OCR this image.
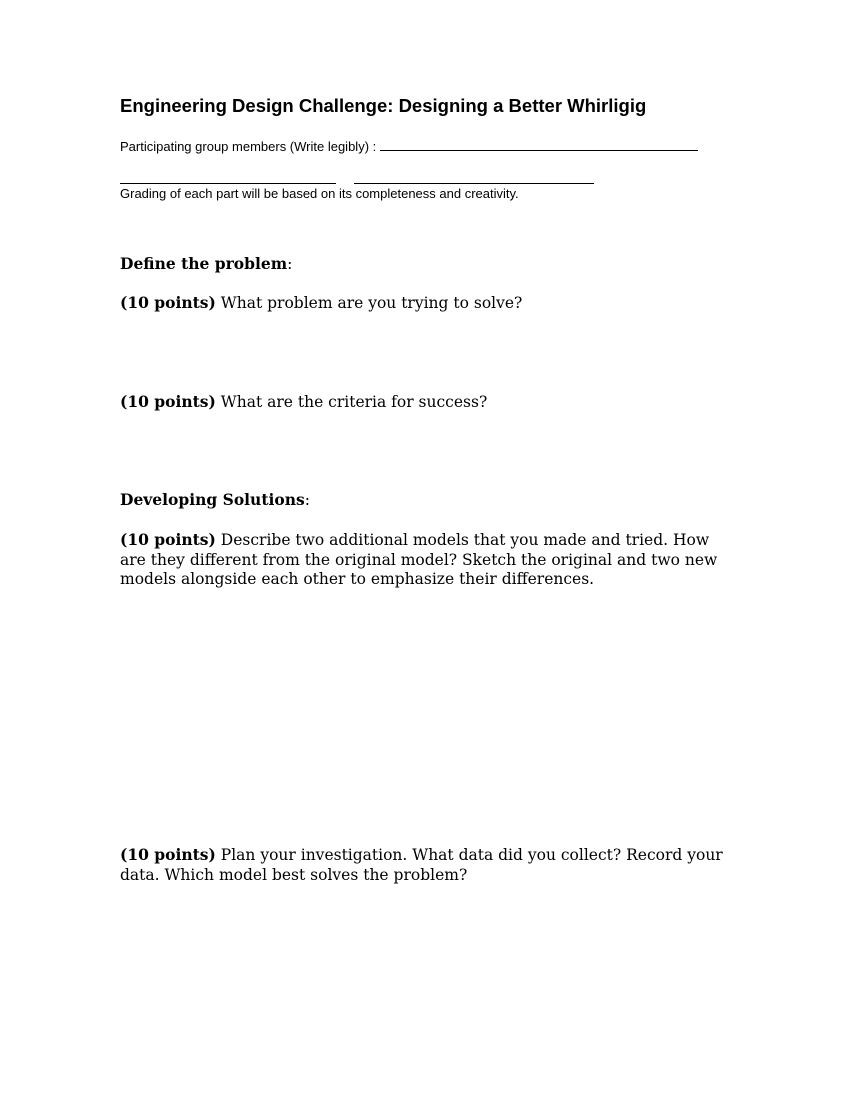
Engineering Design Challenge: Designing a Better Whirligig
Participating group members (Write legibly) :
Grading of each part will be based on its completeness and creativity.
Define the problem:
(10 points) What problem are you trying to solve?
(10 points) What are the criteria for success?
Developing Solutions:
(10 points) Describe two additional models that you made and tried. How are they different from the original model? Sketch the original and two new models alongside each other to emphasize their differences.
(10 points) Plan your investigation. What data did you collect? Record your data. Which model best solves the problem?
